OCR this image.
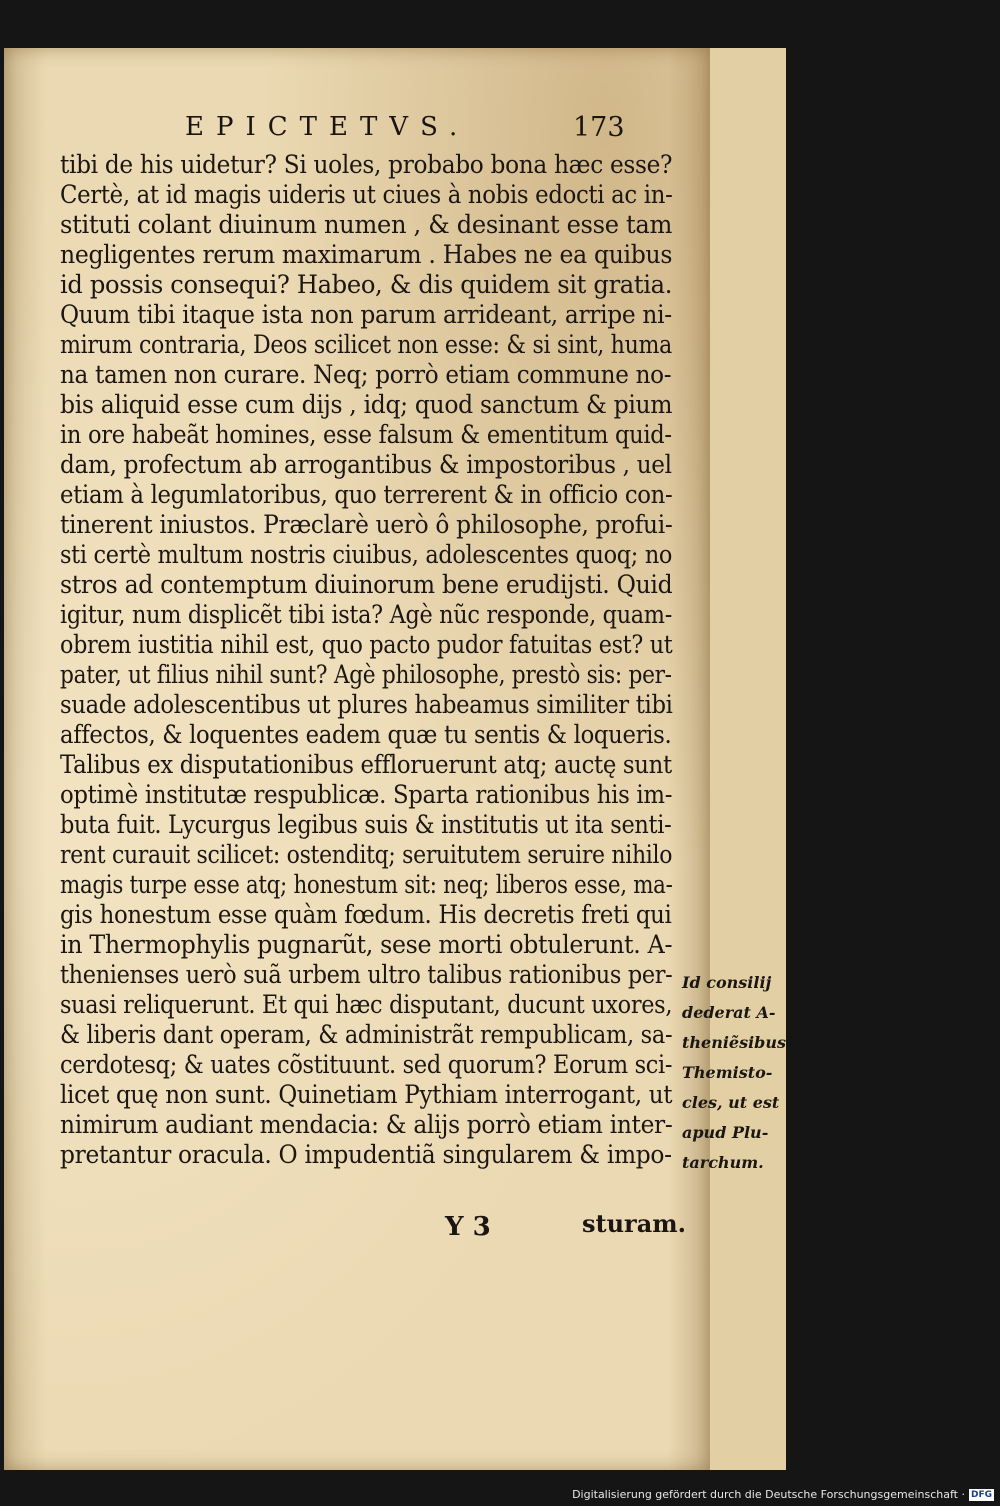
EPICTETVS.	173
tibi de his uidetur? Si uoles, probabo bona hæc esse?
Certè, at id magis uideris ut ciues à nobis edocti ac in-
stituti colant diuinum numen , & desinant esse tam
negligentes rerum maximarum . Habes ne ea quibus
id possis consequi? Habeo, & dis quidem sit gratia.
Quum tibi itaque ista non parum arrideant, arripe ni-
mirum contraria, Deos scilicet non esse: & si sint, huma
na tamen non curare. Neq; porrò etiam commune no-
bis aliquid esse cum dijs , idq; quod sanctum & pium
in ore habeãt homines, esse falsum & ementitum quid-
dam, profectum ab arrogantibus & impostoribus , uel
etiam à legumlatoribus, quo terrerent & in officio con-
tinerent iniustos. Præclarè uerò ô philosophe, profui-
sti certè multum nostris ciuibus, adolescentes quoq; no
stros ad contemptum diuinorum bene erudijsti. Quid
igitur, num displicẽt tibi ista? Agè nũc responde, quam-
obrem iustitia nihil est, quo pacto pudor fatuitas est? ut
pater, ut filius nihil sunt? Agè philosophe, prestò sis: per-
suade adolescentibus ut plures habeamus similiter tibi
affectos, & loquentes eadem quæ tu sentis & loqueris.
Talibus ex disputationibus effloruerunt atq; auctę sunt
optimè institutæ respublicæ. Sparta rationibus his im-
buta fuit. Lycurgus legibus suis & institutis ut ita senti-
rent curauit scilicet: ostenditq; seruitutem seruire nihilo
magis turpe esse atq; honestum sit: neq; liberos esse, ma-
gis honestum esse quàm fœdum. His decretis freti qui
in Thermophylis pugnarũt, sese morti obtulerunt. A-
thenienses uerò suã urbem ultro talibus rationibus per-
suasi reliquerunt. Et qui hæc disputant, ducunt uxores,
& liberis dant operam, & administrãt rempublicam, sa-
cerdotesq; & uates cõstituunt. sed quorum? Eorum sci-
licet quę non sunt. Quinetiam Pythiam interrogant, ut
nimirum audiant mendacia: & alijs porrò etiam inter-
pretantur oracula. O impudentiã singularem & impo-
Id consilij
dederat A-
theniẽsibus
Themisto-
cles, ut est
apud Plu-
tarchum.
Y 3	sturam.
Digitalisierung gefördert durch die Deutsche Forschungsgemeinschaft · DFG
